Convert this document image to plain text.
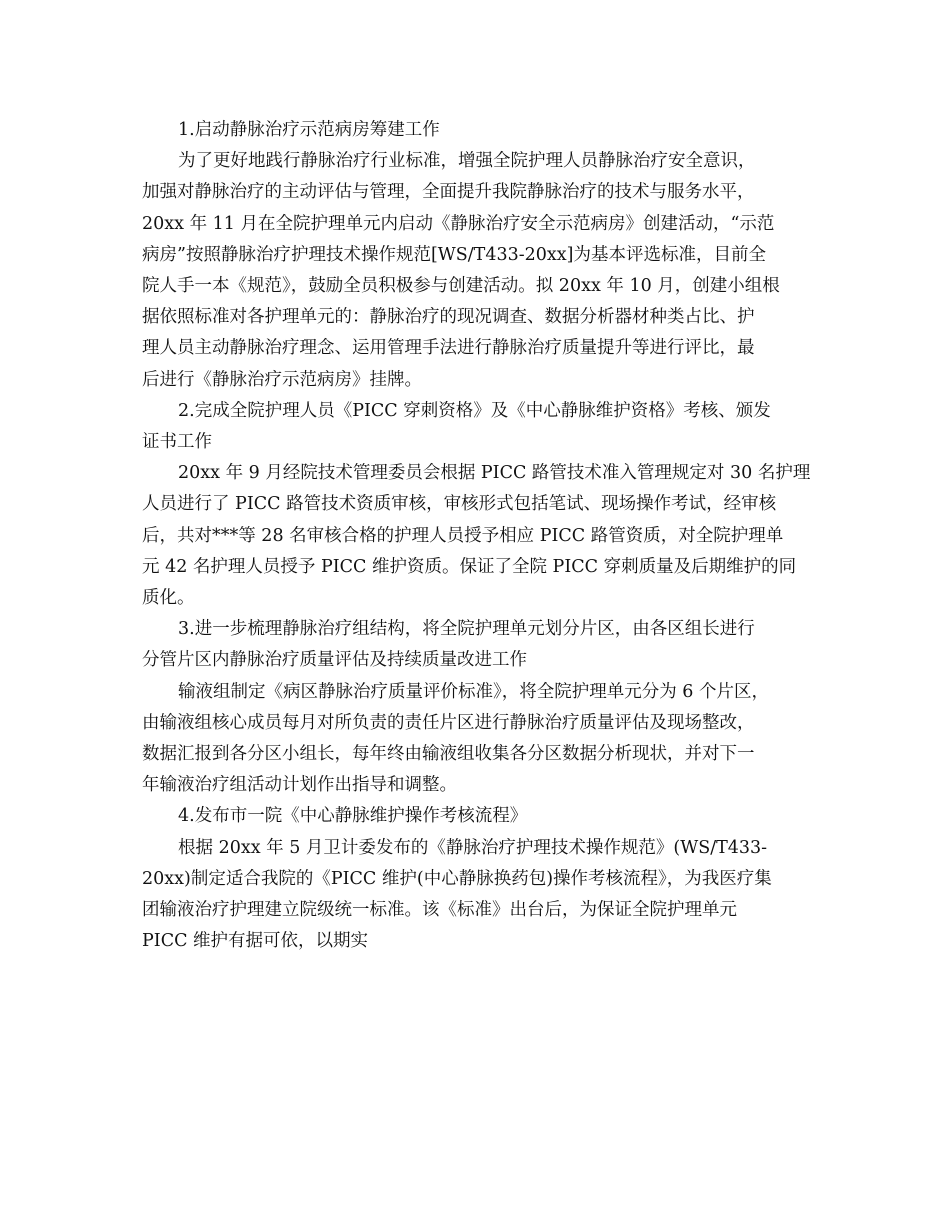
1.启动静脉治疗示范病房筹建工作
为了更好地践行静脉治疗行业标准，增强全院护理人员静脉治疗安全意识，
加强对静脉治疗的主动评估与管理，全面提升我院静脉治疗的技术与服务水平，
20xx 年 11 月在全院护理单元内启动《静脉治疗安全示范病房》创建活动，“示范
病房”按照静脉治疗护理技术操作规范[WS/T433-20xx]为基本评选标准，目前全
院人手一本《规范》，鼓励全员积极参与创建活动。拟 20xx 年 10 月，创建小组根
据依照标准对各护理单元的：静脉治疗的现况调查、数据分析器材种类占比、护
理人员主动静脉治疗理念、运用管理手法进行静脉治疗质量提升等进行评比，最
后进行《静脉治疗示范病房》挂牌。
2.完成全院护理人员《PICC 穿刺资格》及《中心静脉维护资格》考核、颁发
证书工作
20xx 年 9 月经院技术管理委员会根据 PICC 路管技术准入管理规定对 30 名护理
人员进行了 PICC 路管技术资质审核，审核形式包括笔试、现场操作考试，经审核
后，共对***等 28 名审核合格的护理人员授予相应 PICC 路管资质，对全院护理单
元 42 名护理人员授予 PICC 维护资质。保证了全院 PICC 穿刺质量及后期维护的同
质化。
3.进一步梳理静脉治疗组结构，将全院护理单元划分片区，由各区组长进行
分管片区内静脉治疗质量评估及持续质量改进工作
输液组制定《病区静脉治疗质量评价标准》，将全院护理单元分为 6 个片区，
由输液组核心成员每月对所负责的责任片区进行静脉治疗质量评估及现场整改，
数据汇报到各分区小组长，每年终由输液组收集各分区数据分析现状，并对下一
年输液治疗组活动计划作出指导和调整。
4.发布市一院《中心静脉维护操作考核流程》
根据 20xx 年 5 月卫计委发布的《静脉治疗护理技术操作规范》(WS/T433-
20xx)制定适合我院的《PICC 维护(中心静脉换药包)操作考核流程》，为我医疗集
团输液治疗护理建立院级统一标准。该《标准》出台后，为保证全院护理单元
PICC 维护有据可依，以期实
